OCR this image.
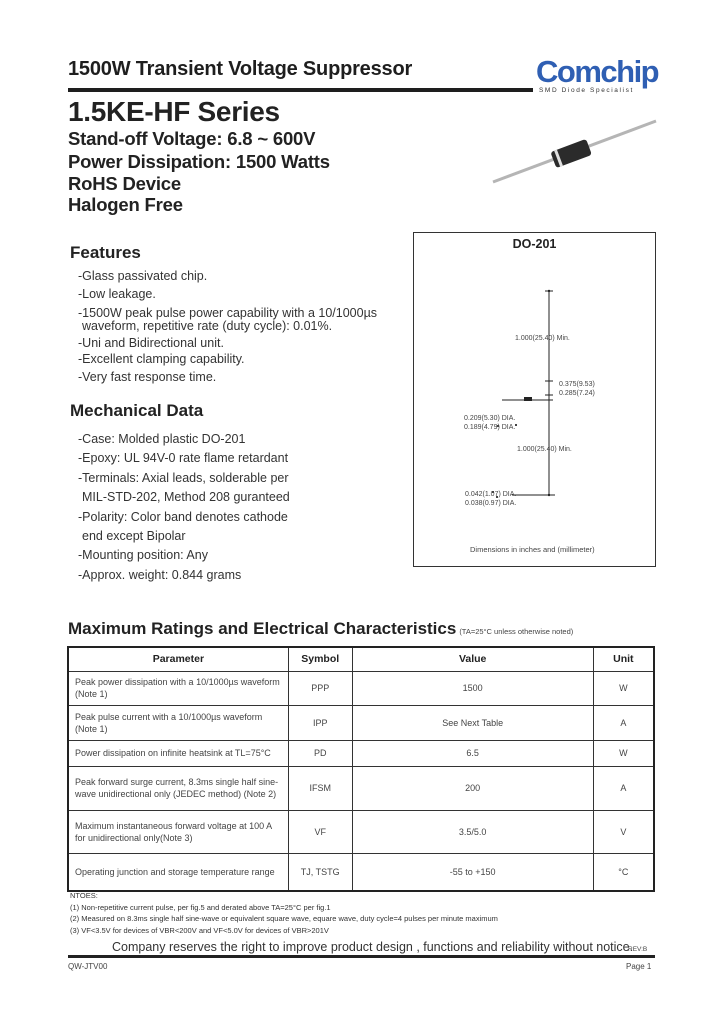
1500W Transient Voltage Suppressor	Comchip
SMD Diode Specialist
1.5KE-HF Series
Stand-off Voltage: 6.8 ~ 600V
Power Dissipation: 1500 Watts
RoHS Device
Halogen Free
Features
-Glass passivated chip.
-Low leakage.
-1500W peak pulse power capability with a 10/1000µs
waveform, repetitive rate (duty cycle): 0.01%.
-Uni and Bidirectional unit.
-Excellent clamping capability.
-Very fast response time.
Mechanical Data
-Case: Molded plastic DO-201
-Epoxy: UL 94V-0 rate flame retardant
-Terminals: Axial leads, solderable per
MIL-STD-202, Method 208 guranteed
-Polarity: Color band denotes cathode
end except Bipolar
-Mounting position: Any
-Approx. weight: 0.844 grams
DO-201
1.000(25.40) Min.
0.375(9.53)
0.285(7.24)
0.209(5.30) DIA.
0.189(4.79) DIA.
1.000(25.40) Min.
0.042(1.07) DIA.
0.038(0.97) DIA.
Dimensions in inches and (millimeter)
Maximum Ratings and Electrical Characteristics (TA=25°C unless otherwise noted)
Parameter	Symbol	Value	Unit
Peak power dissipation with a 10/1000µs waveform (Note 1)	PPP	1500	W
Peak pulse current with a 10/1000µs waveform (Note 1)	IPP	See Next Table	A
Power dissipation on infinite heatsink at TL=75°C	PD	6.5	W
Peak forward surge current, 8.3ms single half sine-wave unidirectional only (JEDEC method) (Note 2)	IFSM	200	A
Maximum instantaneous forward voltage at 100 A for unidirectional only(Note 3)	VF	3.5/5.0	V
Operating junction and storage temperature range	TJ, TSTG	-55 to +150	°C
NTOES:
(1) Non-repetitive current pulse, per fig.5 and derated above TA=25°C per fig.1
(2) Measured on 8.3ms single half sine-wave or equivalent square wave, equare wave, duty cycle=4 pulses per minute maximum
(3) VF<3.5V for devices of VBR<200V and VF<5.0V for devices of VBR>201V
Company reserves the right to improve product design , functions and reliability without notice.
REV:B
QW-JTV00	Page 1
